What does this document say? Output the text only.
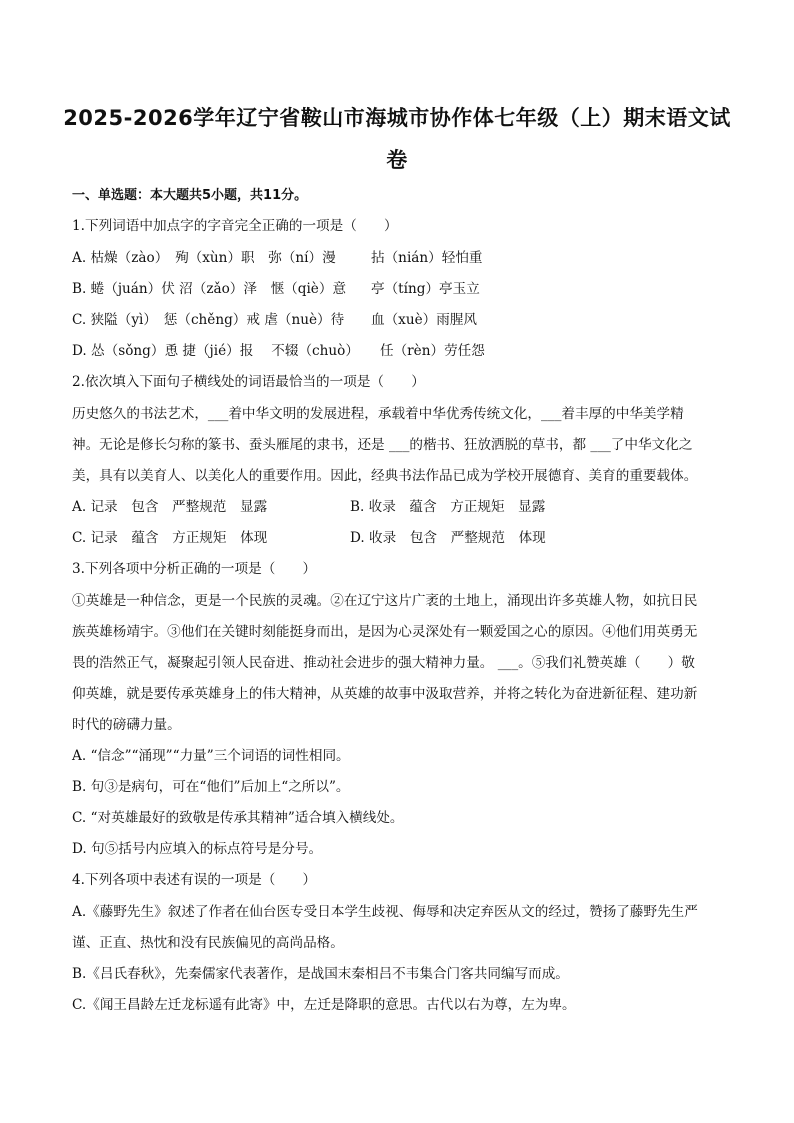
2025-2026学年辽宁省鞍山市海城市协作体七年级（上）期末语文试
卷
一、单选题：本大题共5小题，共11分。
1.下列词语中加点字的字音完全正确的一项是（　　）
A. 枯燥（zào）　殉（xùn）职　弥（ní）漫	拈（nián）轻怕重
B. 蜷（juán）伏 沼（zǎo）泽　惬（qiè）意 亭（tíng）亭玉立
C. 狭隘（yì）　惩（chěng）戒 虐（nuè）待 血（xuè）雨腥风
D. 怂（sǒng）恿 捷（jié）报　 不辍（chuò） 任（rèn）劳任怨
2.依次填入下面句子横线处的词语最恰当的一项是（　　）
历史悠久的书法艺术，___着中华文明的发展进程，承载着中华优秀传统文化，___着丰厚的中华美学精
神。无论是修长匀称的篆书、蚕头雁尾的隶书，还是 ___的楷书、狂放洒脱的草书，都 ___了中华文化之
美，具有以美育人、以美化人的重要作用。因此，经典书法作品已成为学校开展德育、美育的重要载体。
A. 记录　包含　严整规范　显露	B. 收录　蕴含　方正规矩　显露
C. 记录　蕴含　方正规矩　体现	D. 收录　包含　严整规范　体现
3.下列各项中分析正确的一项是（　　）
①英雄是一种信念，更是一个民族的灵魂。②在辽宁这片广袤的土地上，涌现出许多英雄人物，如抗日民
族英雄杨靖宇。③他们在关键时刻能挺身而出，是因为心灵深处有一颗爱国之心的原因。④他们用英勇无
畏的浩然正气，凝聚起引领人民奋进、推动社会进步的强大精神力量。 ___。⑤我们礼赞英雄（　　）敬
仰英雄，就是要传承英雄身上的伟大精神，从英雄的故事中汲取营养，并将之转化为奋进新征程、建功新
时代的磅礴力量。
A. “信念”“涌现”“力量”三个词语的词性相同。
B. 句③是病句，可在“他们”后加上“之所以”。
C. “对英雄最好的致敬是传承其精神”适合填入横线处。
D. 句⑤括号内应填入的标点符号是分号。
4.下列各项中表述有误的一项是（　　）
A.《藤野先生》叙述了作者在仙台医专受日本学生歧视、侮辱和决定弃医从文的经过，赞扬了藤野先生严
谨、正直、热忱和没有民族偏见的高尚品格。
B.《吕氏春秋》，先秦儒家代表著作，是战国末秦相吕不韦集合门客共同编写而成。
C.《闻王昌龄左迁龙标遥有此寄》中，左迁是降职的意思。古代以右为尊，左为卑。
